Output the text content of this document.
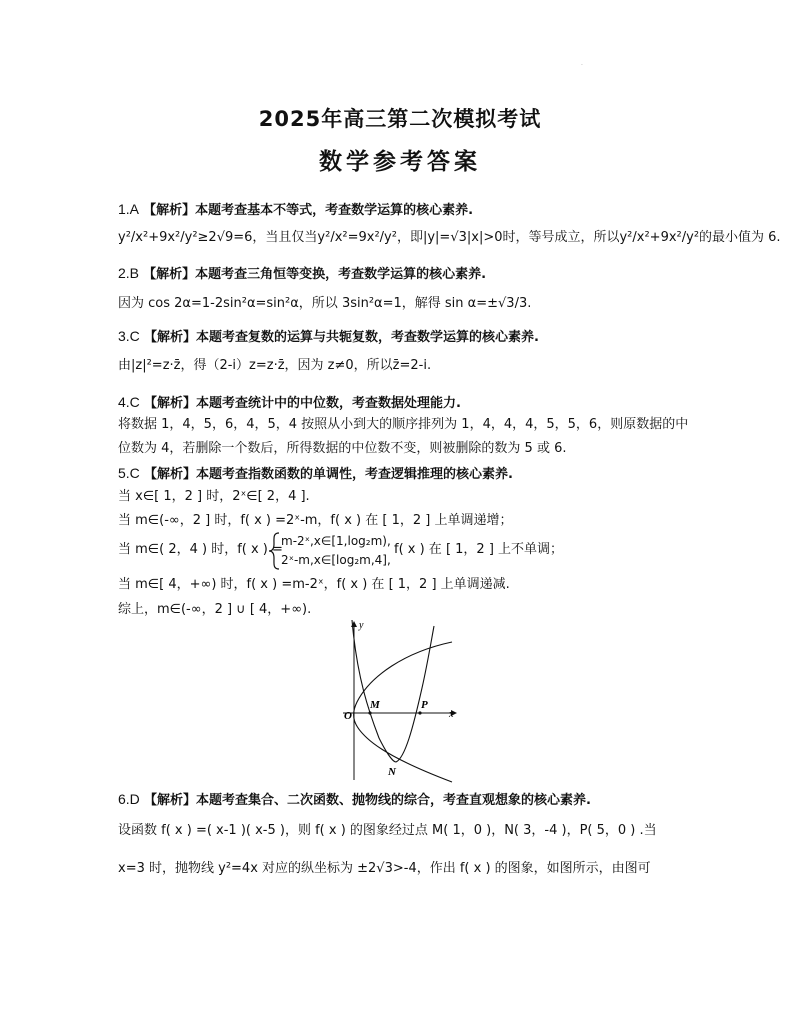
·
2025年高三第二次模拟考试
数学参考答案
1.A 【解析】本题考查基本不等式，考查数学运算的核心素养.
y²/x²+9x²/y²≥2√9=6，当且仅当y²/x²=9x²/y²，即|y|=√3|x|>0时，等号成立，所以y²/x²+9x²/y²的最小值为 6.
2.B 【解析】本题考查三角恒等变换，考查数学运算的核心素养.
因为 cos 2α=1-2sin²α=sin²α，所以 3sin²α=1，解得 sin α=±√3/3.
3.C 【解析】本题考查复数的运算与共轭复数，考查数学运算的核心素养.
由|z|²=z·z̄，得（2-i）z=z·z̄，因为 z≠0，所以z̄=2-i.
4.C 【解析】本题考查统计中的中位数，考查数据处理能力.
将数据 1，4，5，6，4，5，4 按照从小到大的顺序排列为 1，4，4，4，5，5，6，则原数据的中
位数为 4，若删除一个数后，所得数据的中位数不变，则被删除的数为 5 或 6.
5.C 【解析】本题考查指数函数的单调性，考查逻辑推理的核心素养.
当 x∈[ 1，2 ] 时，2ˣ∈[ 2，4 ].
当 m∈(-∞，2 ] 时，f( x ) =2ˣ-m，f( x ) 在 [ 1，2 ] 上单调递增；
当 m∈( 2，4 ) 时，f( x ) =
m-2ˣ,x∈[1,log₂m),
2ˣ-m,x∈[log₂m,4],
f( x ) 在 [ 1，2 ] 上不单调；
当 m∈[ 4，+∞) 时，f( x ) =m-2ˣ，f( x ) 在 [ 1，2 ] 上单调递减.
综上，m∈(-∞，2 ] ∪ [ 4，+∞).
y
x
O
M	P
N
6.D 【解析】本题考查集合、二次函数、抛物线的综合，考查直观想象的核心素养.
设函数 f( x ) =( x-1 )( x-5 )，则 f( x ) 的图象经过点 M( 1，0 )，N( 3，-4 )，P( 5，0 ) .当
x=3 时，抛物线 y²=4x 对应的纵坐标为 ±2√3>-4，作出 f( x ) 的图象，如图所示，由图可
